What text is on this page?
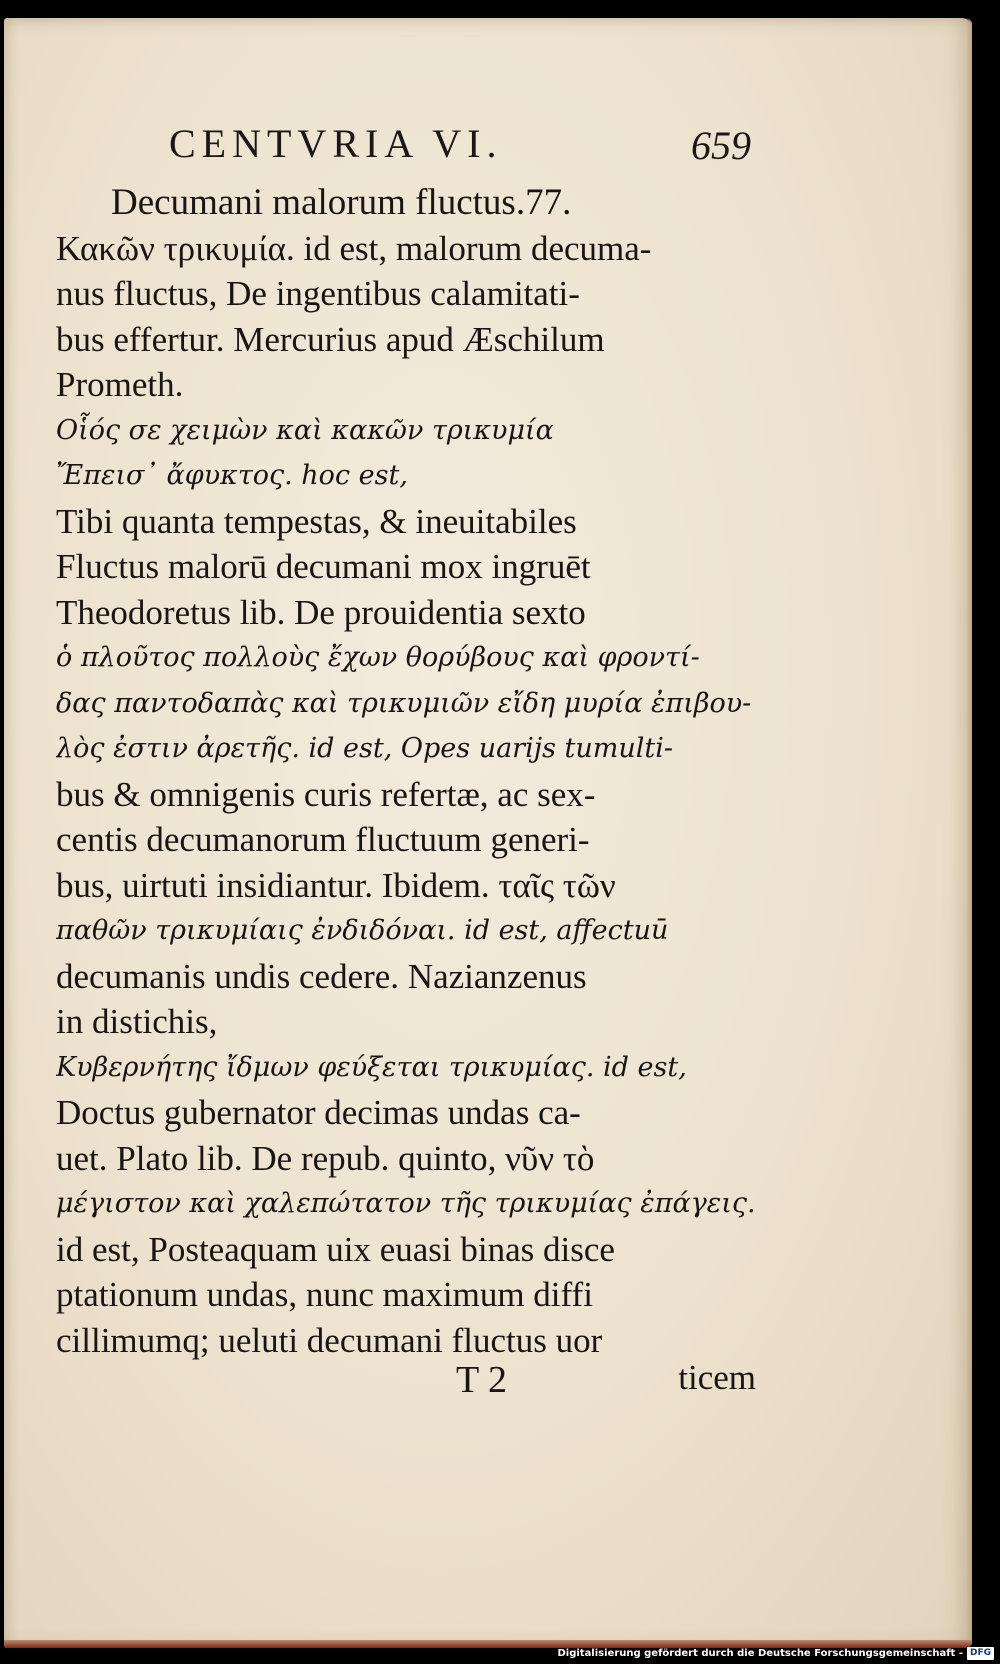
CENTVRIA VI.	659
Decumani malorum fluctus.77.
Κακῶν τρικυμία. id est, malorum decuma-
nus fluctus, De ingentibus calamitati-
bus effertur. Mercurius apud Æschilum
Prometh.
Οἷός σε χειμὼν καὶ κακῶν τρικυμία
Ἔπεισ᾽ ἄφυκτος. hoc est,
Tibi quanta tempestas, & ineuitabiles
Fluctus malorū decumani mox ingruēt
Theodoretus lib. De prouidentia sexto
ὁ πλοῦτος πολλοὺς ἔχων θορύβους καὶ φροντί-
δας παντοδαπὰς καὶ τρικυμιῶν εἴδη μυρία ἐπιβου-
λὸς ἐστιν ἀρετῆς. id est, Opes uarijs tumulti-
bus & omnigenis curis refertæ, ac sex-
centis decumanorum fluctuum generi-
bus, uirtuti insidiantur. Ibidem. ταῖς τῶν
παθῶν τρικυμίαις ἐνδιδόναι. id est, affectuū
decumanis undis cedere. Nazianzenus
in distichis,
Κυβερνήτης ἴδμων φεύξεται τρικυμίας. id est,
Doctus gubernator decimas undas ca-
uet. Plato lib. De repub. quinto, νῦν τὸ
μέγιστον καὶ χαλεπώτατον τῆς τρικυμίας ἐπάγεις.
id est, Posteaquam uix euasi binas disce
ptationum undas, nunc maximum diffi
cillimumq; ueluti decumani fluctus uor
T 2	ticem
Digitalisierung gefördert durch die Deutsche Forschungsgemeinschaft - DFG
